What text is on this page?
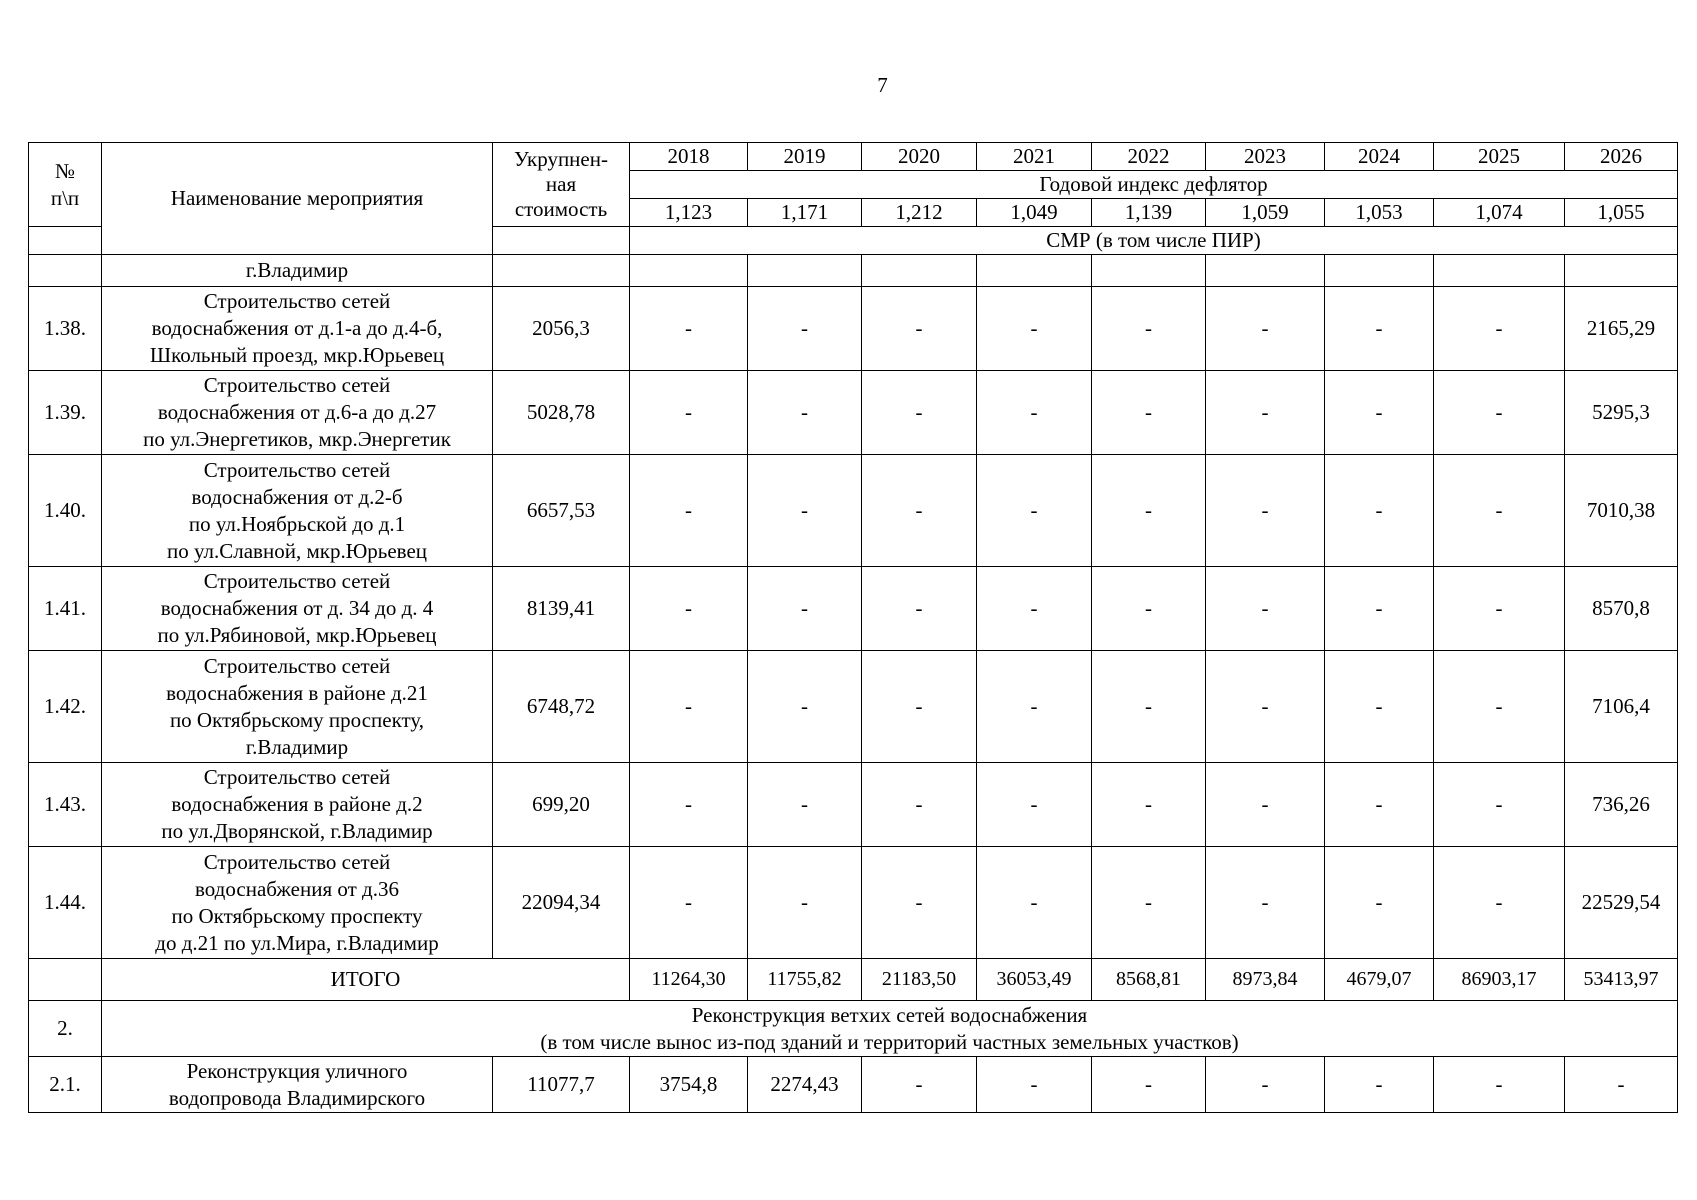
7
№
п\п	Наименование мероприятия	Укрупнен-
ная
стоимость	2018	2019	2020	2021	2022	2023	2024	2025	2026
			Годовой индекс дефлятор								
			1,123	1,171	1,212	1,049	1,139	1,059	1,053	1,074	1,055
			СМР (в том числе ПИР)								
	г.Владимир										
1.38.	Строительство сетей
водоснабжения от д.1-а до д.4-б,
Школьный проезд, мкр.Юрьевец	2056,3	-	-	-	-	-	-	-	-	2165,29
1.39.	Строительство сетей
водоснабжения от д.6-а до д.27
по ул.Энергетиков, мкр.Энергетик	5028,78	-	-	-	-	-	-	-	-	5295,3
1.40.	Строительство сетей
водоснабжения от д.2-б
по ул.Ноябрьской до д.1
по ул.Славной, мкр.Юрьевец	6657,53	-	-	-	-	-	-	-	-	7010,38
1.41.	Строительство сетей
водоснабжения от д. 34 до д. 4
по ул.Рябиновой, мкр.Юрьевец	8139,41	-	-	-	-	-	-	-	-	8570,8
1.42.	Строительство сетей
водоснабжения в районе д.21
по Октябрьскому проспекту,
г.Владимир	6748,72	-	-	-	-	-	-	-	-	7106,4
1.43.	Строительство сетей
водоснабжения в районе д.2
по ул.Дворянской, г.Владимир	699,20	-	-	-	-	-	-	-	-	736,26
1.44.	Строительство сетей
водоснабжения от д.36
по Октябрьскому проспекту
до д.21 по ул.Мира, г.Владимир	22094,34	-	-	-	-	-	-	-	-	22529,54
	ИТОГО		11264,30	11755,82	21183,50	36053,49	8568,81	8973,84	4679,07	86903,17	53413,97
2.	Реконструкция ветхих сетей водоснабжения
(в том числе вынос из-под зданий и территорий частных земельных участков)										
2.1.	Реконструкция уличного
водопровода Владимирского	11077,7	3754,8	2274,43	-	-	-	-	-	-	-
